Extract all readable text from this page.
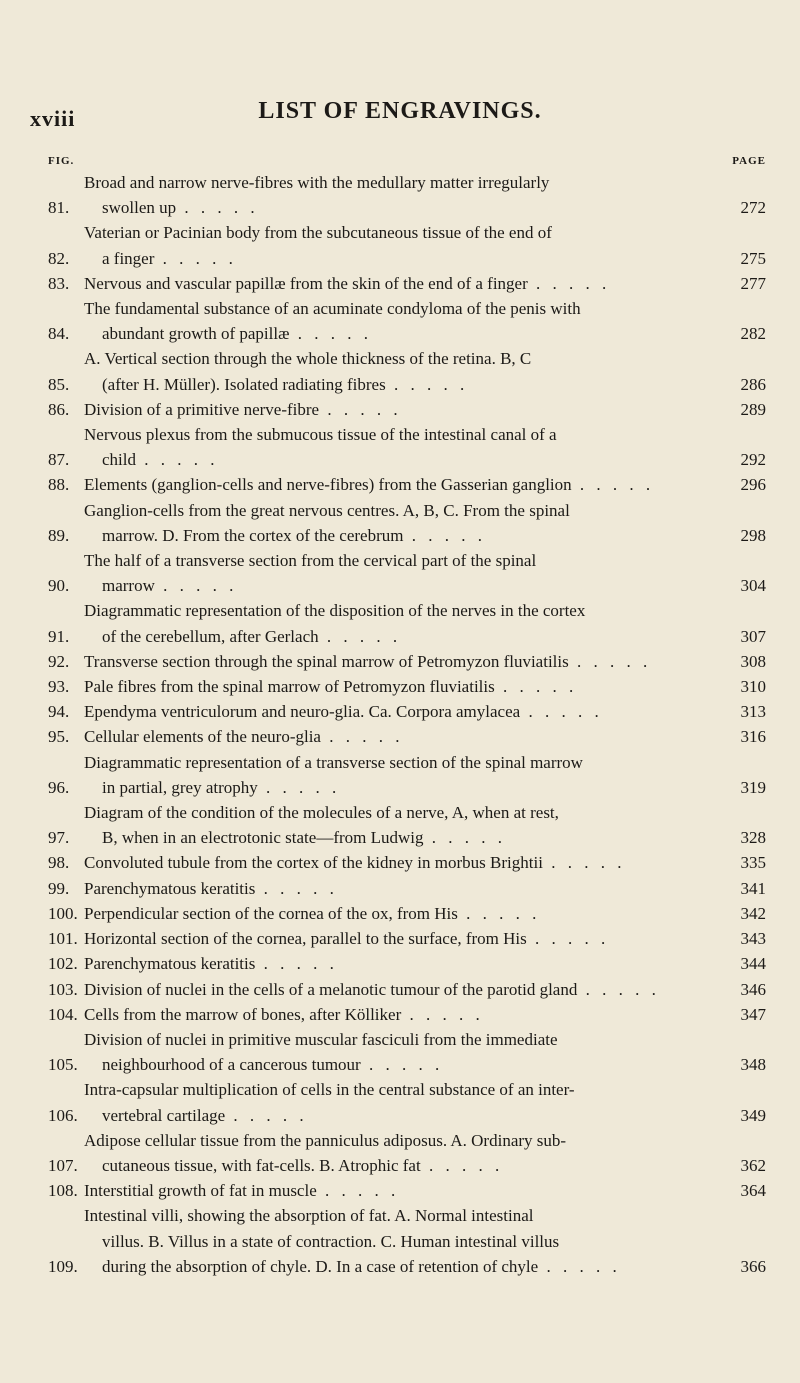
xviii	LIST OF ENGRAVINGS.
FIG.	PAGE
81.
Broad and narrow nerve-fibres with the medullary matter irregularly
swollen up . . . . .	272
82.
Vaterian or Pacinian body from the subcutaneous tissue of the end of
a finger . . . . .	275
83. Nervous and vascular papillæ from the skin of the end of a finger . . . . .	277
84.
The fundamental substance of an acuminate condyloma of the penis with
abundant growth of papillæ . . . . .	282
85.
A. Vertical section through the whole thickness of the retina. B, C
(after H. Müller). Isolated radiating fibres . . . . .	286
86. Division of a primitive nerve-fibre . . . . .	289
87.
Nervous plexus from the submucous tissue of the intestinal canal of a
child . . . . .	292
88. Elements (ganglion-cells and nerve-fibres) from the Gasserian ganglion . . . . .	296
89.
Ganglion-cells from the great nervous centres. A, B, C. From the spinal
marrow. D. From the cortex of the cerebrum . . . . .	298
90.
The half of a transverse section from the cervical part of the spinal
marrow . . . . .	304
91.
Diagrammatic representation of the disposition of the nerves in the cortex
of the cerebellum, after Gerlach . . . . .	307
92. Transverse section through the spinal marrow of Petromyzon fluviatilis . . . . .	308
93. Pale fibres from the spinal marrow of Petromyzon fluviatilis . . . . .	310
94. Ependyma ventriculorum and neuro-glia. Ca. Corpora amylacea . . . . .	313
95. Cellular elements of the neuro-glia . . . . .	316
96.
Diagrammatic representation of a transverse section of the spinal marrow
in partial, grey atrophy . . . . .	319
97.
Diagram of the condition of the molecules of a nerve, A, when at rest,
B, when in an electrotonic state—from Ludwig . . . . .	328
98. Convoluted tubule from the cortex of the kidney in morbus Brightii . . . . .	335
99. Parenchymatous keratitis . . . . .	341
100. Perpendicular section of the cornea of the ox, from His . . . . .	342
101. Horizontal section of the cornea, parallel to the surface, from His . . . . .	343
102. Parenchymatous keratitis . . . . .	344
103. Division of nuclei in the cells of a melanotic tumour of the parotid gland . . . . .	346
104. Cells from the marrow of bones, after Kölliker . . . . .	347
105.
Division of nuclei in primitive muscular fasciculi from the immediate
neighbourhood of a cancerous tumour . . . . .	348
106.
Intra-capsular multiplication of cells in the central substance of an inter-
vertebral cartilage . . . . .	349
107.
Adipose cellular tissue from the panniculus adiposus. A. Ordinary sub-
cutaneous tissue, with fat-cells. B. Atrophic fat . . . . .	362
108. Interstitial growth of fat in muscle . . . . .	364
109.
Intestinal villi, showing the absorption of fat. A. Normal intestinal
villus. B. Villus in a state of contraction. C. Human intestinal villus
during the absorption of chyle. D. In a case of retention of chyle . . . . .	366
